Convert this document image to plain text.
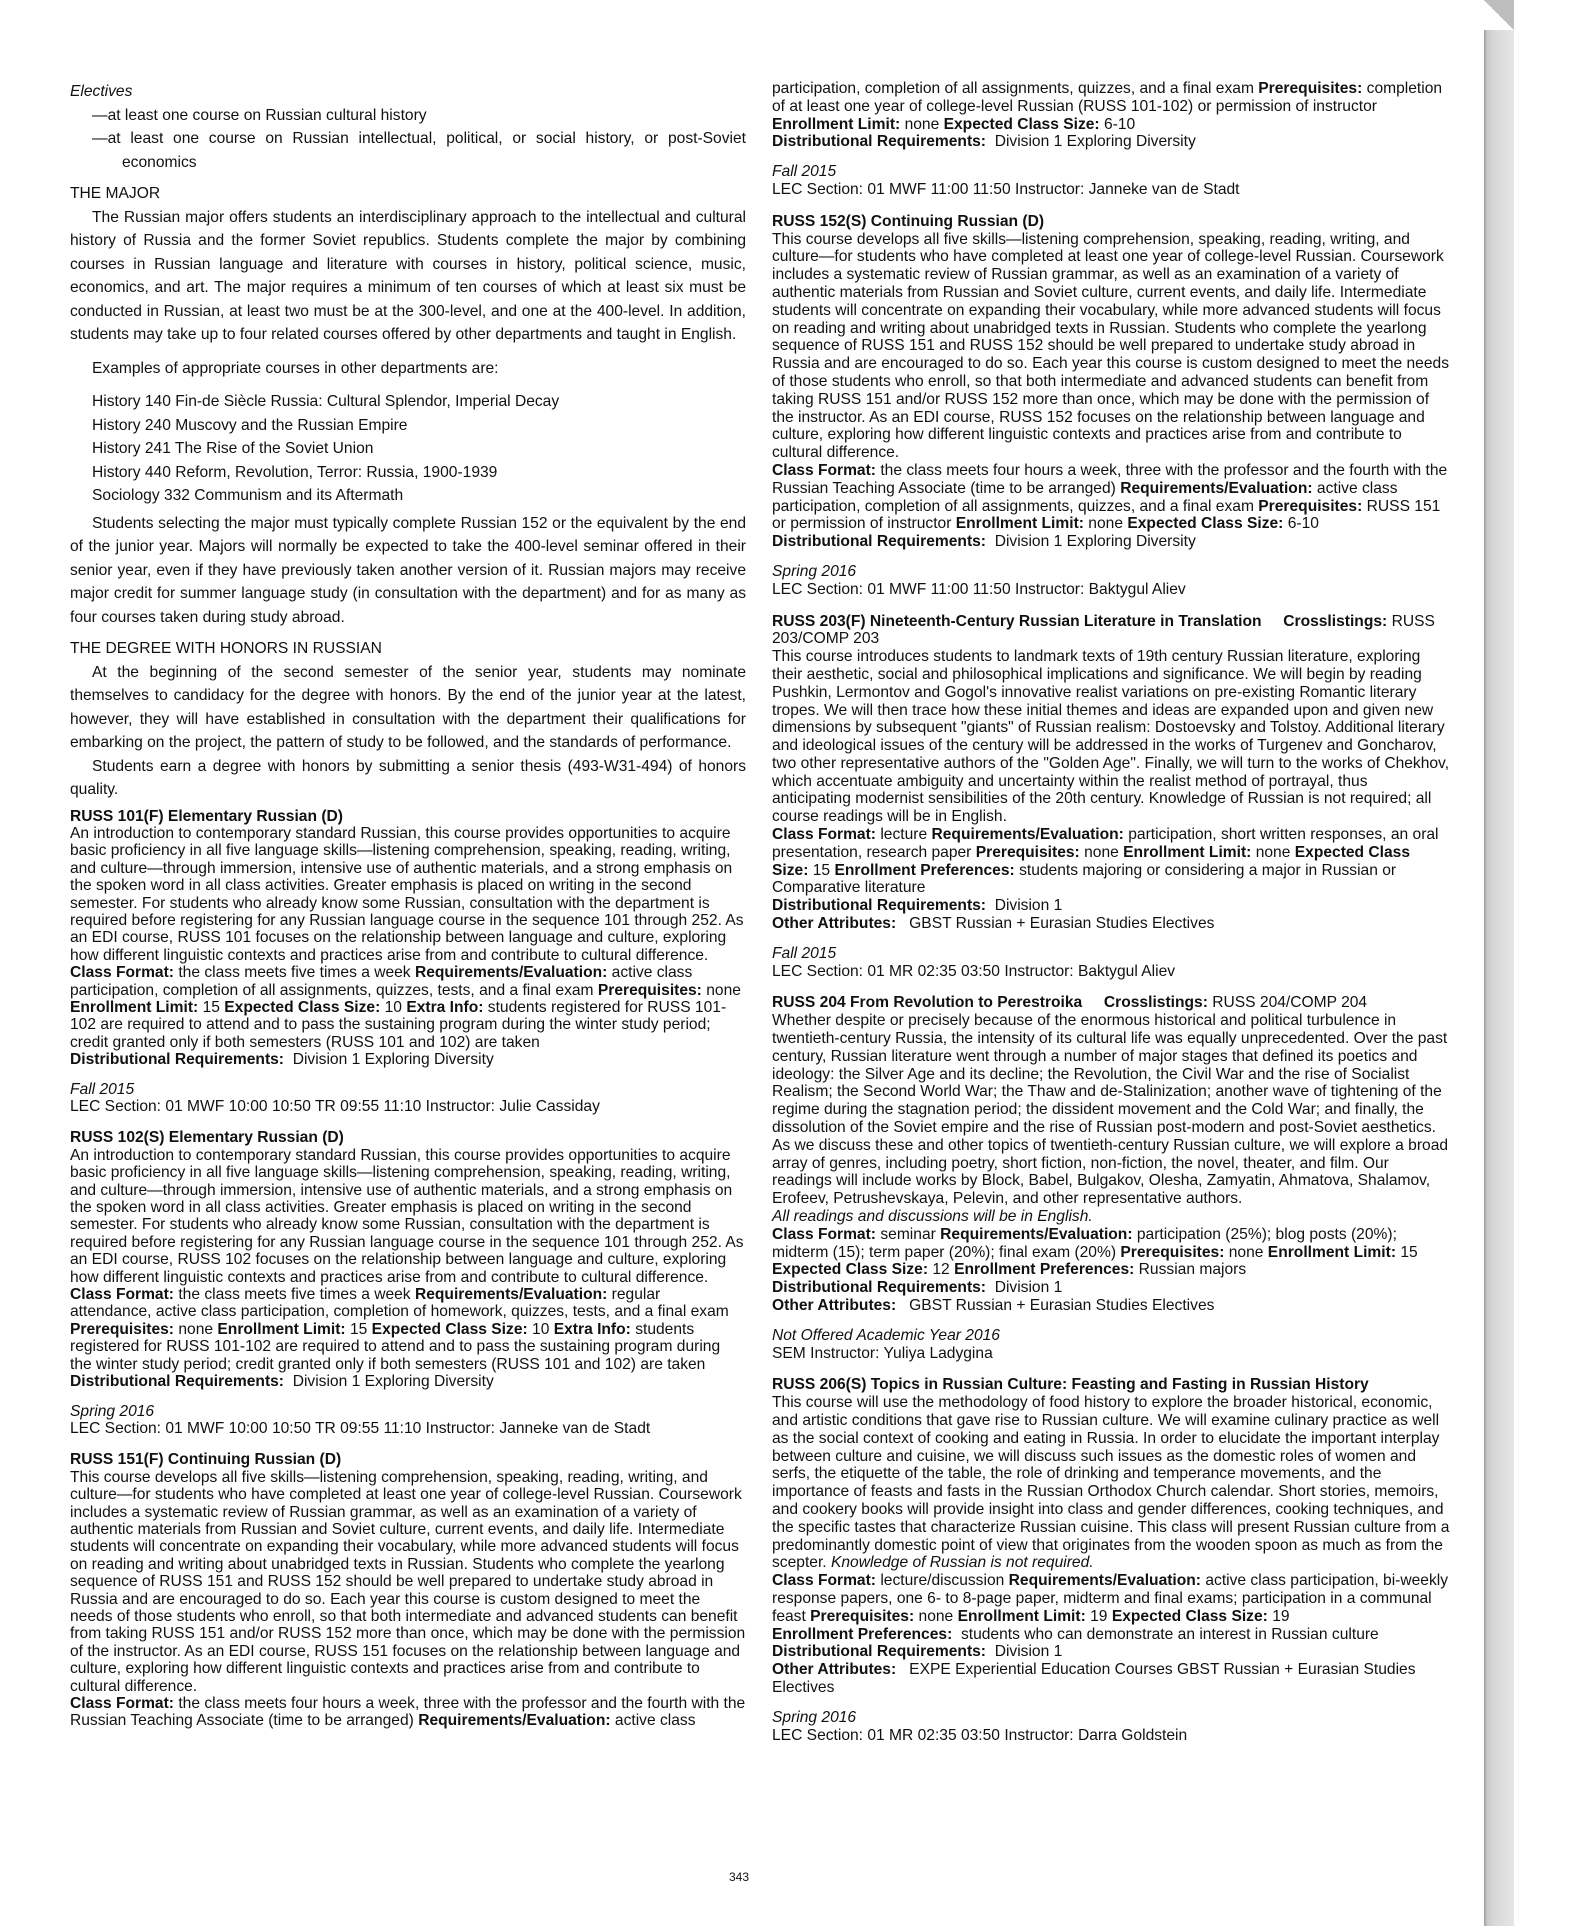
Electives

—at least one course on Russian cultural history

—at least one course on Russian intellectual, political, or social history, or post-Soviet economics

THE MAJOR

The Russian major offers students an interdisciplinary approach to the intellectual and cultural history of Russia and the former Soviet republics. Students complete the major by combining courses in Russian language and literature with courses in history, political science, music, economics, and art. The major requires a minimum of ten courses of which at least six must be conducted in Russian, at least two must be at the 300-level, and one at the 400-level. In addition, students may take up to four related courses offered by other departments and taught in English.

Examples of appropriate courses in other departments are:

History 140 Fin-de Siècle Russia: Cultural Splendor, Imperial Decay

History 240 Muscovy and the Russian Empire

History 241 The Rise of the Soviet Union

History 440 Reform, Revolution, Terror: Russia, 1900-1939

Sociology 332 Communism and its Aftermath

Students selecting the major must typically complete Russian 152 or the equivalent by the end of the junior year. Majors will normally be expected to take the 400-level seminar offered in their senior year, even if they have previously taken another version of it. Russian majors may receive major credit for summer language study (in consultation with the department) and for as many as four courses taken during study abroad.

THE DEGREE WITH HONORS IN RUSSIAN

At the beginning of the second semester of the senior year, students may nominate themselves to candidacy for the degree with honors. By the end of the junior year at the latest, however, they will have established in consultation with the department their qualifications for embarking on the project, the pattern of study to be followed, and the standards of performance.

Students earn a degree with honors by submitting a senior thesis (493-W31-494) of honors quality.

RUSS 101(F) Elementary Russian (D)

An introduction to contemporary standard Russian, this course provides opportunities to acquire basic proficiency in all five language skills—listening comprehension, speaking, reading, writing, and culture—through immersion, intensive use of authentic materials, and a strong emphasis on the spoken word in all class activities. Greater emphasis is placed on writing in the second semester. For students who already know some Russian, consultation with the department is required before registering for any Russian language course in the sequence 101 through 252. As an EDI course, RUSS 101 focuses on the relationship between language and culture, exploring how different linguistic contexts and practices arise from and contribute to cultural difference.

Class Format: the class meets five times a week Requirements/Evaluation: active class participation, completion of all assignments, quizzes, tests, and a final exam Prerequisites: none Enrollment Limit: 15 Expected Class Size: 10 Extra Info: students registered for RUSS 101-102 are required to attend and to pass the sustaining program during the winter study period; credit granted only if both semesters (RUSS 101 and 102) are taken

Distributional Requirements: Division 1 Exploring Diversity

Fall 2015

LEC Section: 01 MWF 10:00 10:50 TR 09:55 11:10 Instructor: Julie Cassiday

RUSS 102(S) Elementary Russian (D)

An introduction to contemporary standard Russian, this course provides opportunities to acquire basic proficiency in all five language skills—listening comprehension, speaking, reading, writing, and culture—through immersion, intensive use of authentic materials, and a strong emphasis on the spoken word in all class activities. Greater emphasis is placed on writing in the second semester. For students who already know some Russian, consultation with the department is required before registering for any Russian language course in the sequence 101 through 252. As an EDI course, RUSS 102 focuses on the relationship between language and culture, exploring how different linguistic contexts and practices arise from and contribute to cultural difference.

Class Format: the class meets five times a week Requirements/Evaluation: regular attendance, active class participation, completion of homework, quizzes, tests, and a final exam Prerequisites: none Enrollment Limit: 15 Expected Class Size: 10 Extra Info: students registered for RUSS 101-102 are required to attend and to pass the sustaining program during the winter study period; credit granted only if both semesters (RUSS 101 and 102) are taken

Distributional Requirements: Division 1 Exploring Diversity

Spring 2016

LEC Section: 01 MWF 10:00 10:50 TR 09:55 11:10 Instructor: Janneke van de Stadt

RUSS 151(F) Continuing Russian (D)

This course develops all five skills—listening comprehension, speaking, reading, writing, and culture—for students who have completed at least one year of college-level Russian. Coursework includes a systematic review of Russian grammar, as well as an examination of a variety of authentic materials from Russian and Soviet culture, current events, and daily life. Intermediate students will concentrate on expanding their vocabulary, while more advanced students will focus on reading and writing about unabridged texts in Russian. Students who complete the yearlong sequence of RUSS 151 and RUSS 152 should be well prepared to undertake study abroad in Russia and are encouraged to do so. Each year this course is custom designed to meet the needs of those students who enroll, so that both intermediate and advanced students can benefit from taking RUSS 151 and/or RUSS 152 more than once, which may be done with the permission of the instructor. As an EDI course, RUSS 151 focuses on the relationship between language and culture, exploring how different linguistic contexts and practices arise from and contribute to cultural difference.

Class Format: the class meets four hours a week, three with the professor and the fourth with the Russian Teaching Associate (time to be arranged) Requirements/Evaluation: active class

participation, completion of all assignments, quizzes, and a final exam Prerequisites: completion of at least one year of college-level Russian (RUSS 101-102) or permission of instructor Enrollment Limit: none Expected Class Size: 6-10

Distributional Requirements: Division 1 Exploring Diversity

Fall 2015

LEC Section: 01 MWF 11:00 11:50 Instructor: Janneke van de Stadt

RUSS 152(S) Continuing Russian (D)

This course develops all five skills—listening comprehension, speaking, reading, writing, and culture—for students who have completed at least one year of college-level Russian. Coursework includes a systematic review of Russian grammar, as well as an examination of a variety of authentic materials from Russian and Soviet culture, current events, and daily life. Intermediate students will concentrate on expanding their vocabulary, while more advanced students will focus on reading and writing about unabridged texts in Russian. Students who complete the yearlong sequence of RUSS 151 and RUSS 152 should be well prepared to undertake study abroad in Russia and are encouraged to do so. Each year this course is custom designed to meet the needs of those students who enroll, so that both intermediate and advanced students can benefit from taking RUSS 151 and/or RUSS 152 more than once, which may be done with the permission of the instructor. As an EDI course, RUSS 152 focuses on the relationship between language and culture, exploring how different linguistic contexts and practices arise from and contribute to cultural difference.

Class Format: the class meets four hours a week, three with the professor and the fourth with the Russian Teaching Associate (time to be arranged) Requirements/Evaluation: active class participation, completion of all assignments, quizzes, and a final exam Prerequisites: RUSS 151 or permission of instructor Enrollment Limit: none Expected Class Size: 6-10

Distributional Requirements: Division 1 Exploring Diversity

Spring 2016

LEC Section: 01 MWF 11:00 11:50 Instructor: Baktygul Aliev

RUSS 203(F) Nineteenth-Century Russian Literature in Translation Crosslistings: RUSS 203/COMP 203

This course introduces students to landmark texts of 19th century Russian literature, exploring their aesthetic, social and philosophical implications and significance. We will begin by reading Pushkin, Lermontov and Gogol's innovative realist variations on pre-existing Romantic literary tropes. We will then trace how these initial themes and ideas are expanded upon and given new dimensions by subsequent "giants" of Russian realism: Dostoevsky and Tolstoy. Additional literary and ideological issues of the century will be addressed in the works of Turgenev and Goncharov, two other representative authors of the "Golden Age". Finally, we will turn to the works of Chekhov, which accentuate ambiguity and uncertainty within the realist method of portrayal, thus anticipating modernist sensibilities of the 20th century. Knowledge of Russian is not required; all course readings will be in English.

Class Format: lecture Requirements/Evaluation: participation, short written responses, an oral presentation, research paper Prerequisites: none Enrollment Limit: none Expected Class Size: 15 Enrollment Preferences: students majoring or considering a major in Russian or Comparative literature

Distributional Requirements: Division 1

Other Attributes: GBST Russian + Eurasian Studies Electives

Fall 2015

LEC Section: 01 MR 02:35 03:50 Instructor: Baktygul Aliev

RUSS 204 From Revolution to Perestroika Crosslistings: RUSS 204/COMP 204

Whether despite or precisely because of the enormous historical and political turbulence in twentieth-century Russia, the intensity of its cultural life was equally unprecedented. Over the past century, Russian literature went through a number of major stages that defined its poetics and ideology: the Silver Age and its decline; the Revolution, the Civil War and the rise of Socialist Realism; the Second World War; the Thaw and de-Stalinization; another wave of tightening of the regime during the stagnation period; the dissident movement and the Cold War; and finally, the dissolution of the Soviet empire and the rise of Russian post-modern and post-Soviet aesthetics. As we discuss these and other topics of twentieth-century Russian culture, we will explore a broad array of genres, including poetry, short fiction, non-fiction, the novel, theater, and film. Our readings will include works by Block, Babel, Bulgakov, Olesha, Zamyatin, Ahmatova, Shalamov, Erofeev, Petrushevskaya, Pelevin, and other representative authors.

All readings and discussions will be in English.

Class Format: seminar Requirements/Evaluation: participation (25%); blog posts (20%); midterm (15); term paper (20%); final exam (20%) Prerequisites: none Enrollment Limit: 15 Expected Class Size: 12 Enrollment Preferences: Russian majors

Distributional Requirements: Division 1

Other Attributes: GBST Russian + Eurasian Studies Electives

Not Offered Academic Year 2016

SEM Instructor: Yuliya Ladygina

RUSS 206(S) Topics in Russian Culture: Feasting and Fasting in Russian History

This course will use the methodology of food history to explore the broader historical, economic, and artistic conditions that gave rise to Russian culture. We will examine culinary practice as well as the social context of cooking and eating in Russia. In order to elucidate the important interplay between culture and cuisine, we will discuss such issues as the domestic roles of women and serfs, the etiquette of the table, the role of drinking and temperance movements, and the importance of feasts and fasts in the Russian Orthodox Church calendar. Short stories, memoirs, and cookery books will provide insight into class and gender differences, cooking techniques, and the specific tastes that characterize Russian cuisine. This class will present Russian culture from a predominantly domestic point of view that originates from the wooden spoon as much as from the scepter. Knowledge of Russian is not required.

Class Format: lecture/discussion Requirements/Evaluation: active class participation, bi-weekly response papers, one 6- to 8-page paper, midterm and final exams; participation in a communal feast Prerequisites: none Enrollment Limit: 19 Expected Class Size: 19

Enrollment Preferences: students who can demonstrate an interest in Russian culture

Distributional Requirements: Division 1

Other Attributes: EXPE Experiential Education Courses GBST Russian + Eurasian Studies Electives

Spring 2016

LEC Section: 01 MR 02:35 03:50 Instructor: Darra Goldstein

343
